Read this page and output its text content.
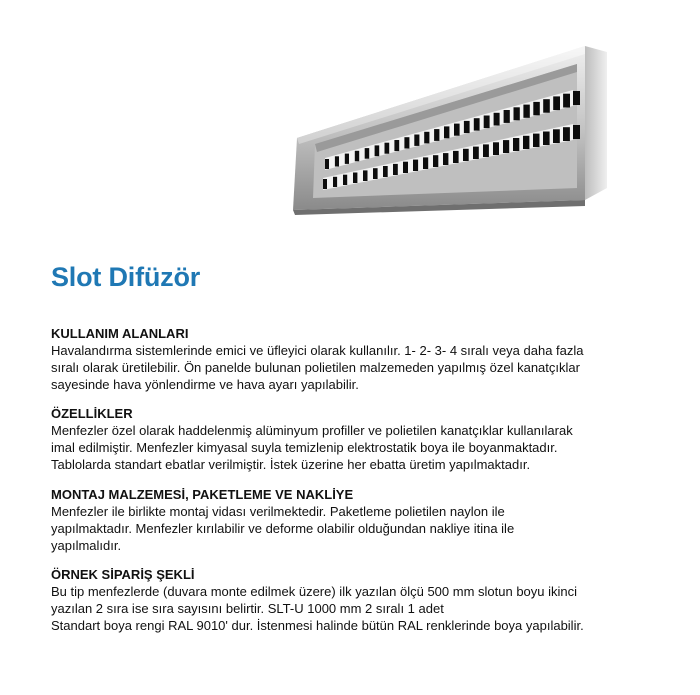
Slot Difüzör
KULLANIM ALANLARI

Havalandırma sistemlerinde emici ve üfleyici olarak kullanılır. 1- 2- 3- 4 sıralı veya daha fazla

sıralı olarak üretilebilir. Ön panelde bulunan polietilen malzemeden yapılmış özel kanatçıklar

sayesinde hava yönlendirme ve hava ayarı yapılabilir.

ÖZELLİKLER

Menfezler özel olarak haddelenmiş alüminyum profiller ve polietilen kanatçıklar kullanılarak

imal edilmiştir. Menfezler kimyasal suyla temizlenip elektrostatik boya ile boyanmaktadır.

Tablolarda standart ebatlar verilmiştir. İstek üzerine her ebatta üretim yapılmaktadır.

MONTAJ MALZEMESİ, PAKETLEME VE NAKLİYE

Menfezler ile birlikte montaj vidası verilmektedir. Paketleme polietilen naylon ile

yapılmaktadır. Menfezler kırılabilir ve deforme olabilir olduğundan nakliye itina ile

yapılmalıdır.

ÖRNEK SİPARİŞ ŞEKLİ

Bu tip menfezlerde (duvara monte edilmek üzere) ilk yazılan ölçü 500 mm slotun boyu ikinci

yazılan 2 sıra ise sıra sayısını belirtir. SLT-U 1000 mm 2 sıralı 1 adet

Standart boya rengi RAL 9010' dur. İstenmesi halinde bütün RAL renklerinde boya yapılabilir.
